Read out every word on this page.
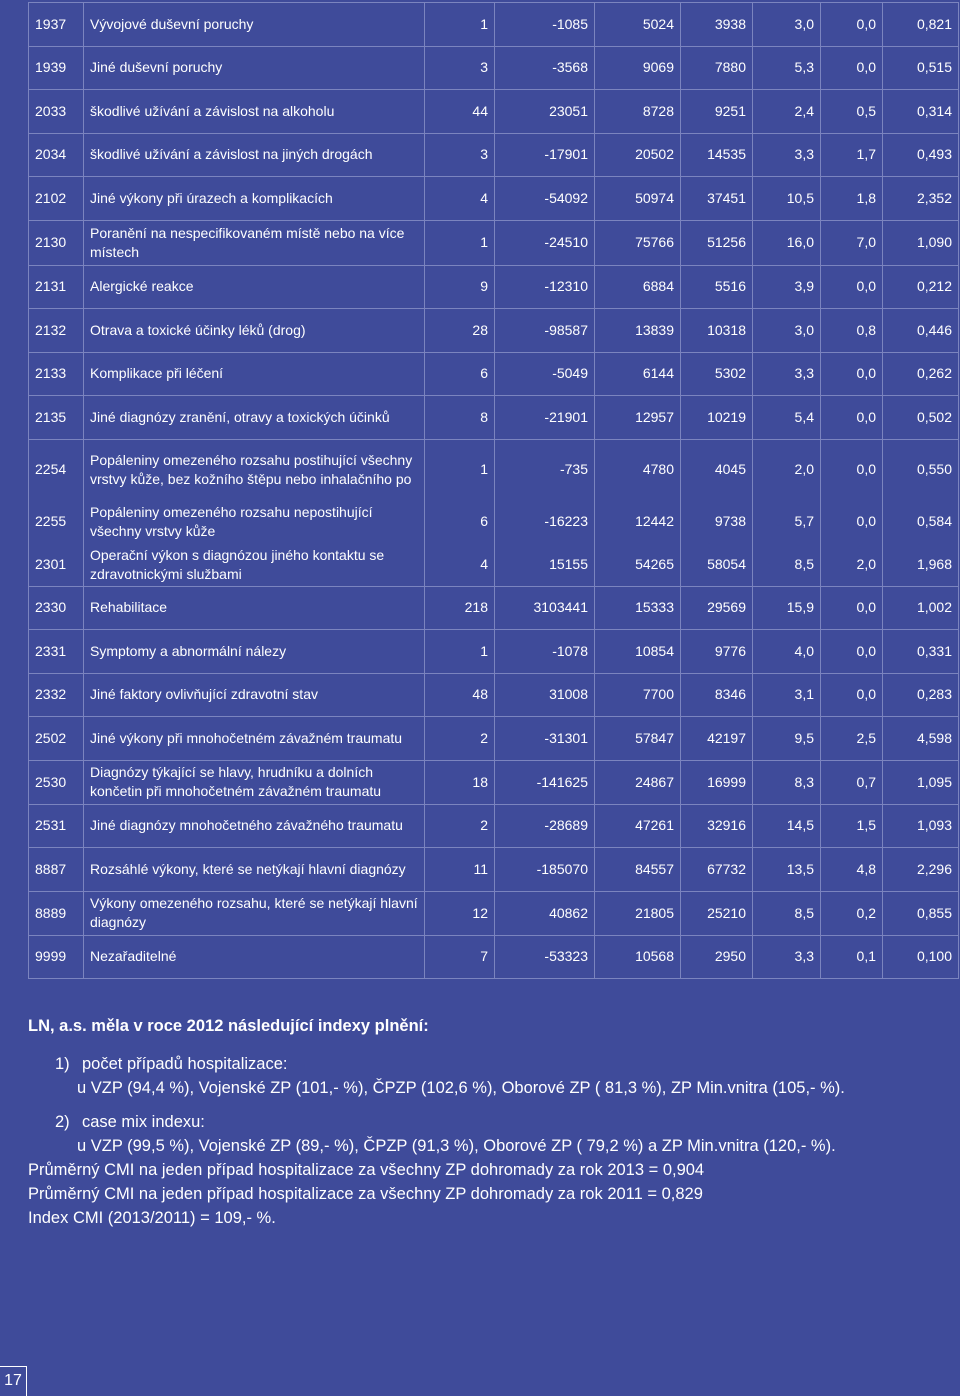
1937	Vývojové duševní poruchy	1	-1085	5024	3938	3,0	0,0	0,821
1939	Jiné duševní poruchy	3	-3568	9069	7880	5,3	0,0	0,515
2033	škodlivé užívání a závislost na alkoholu	44	23051	8728	9251	2,4	0,5	0,314
2034	škodlivé užívání a závislost na jiných drogách	3	-17901	20502	14535	3,3	1,7	0,493
2102	Jiné výkony při úrazech a komplikacích	4	-54092	50974	37451	10,5	1,8	2,352
2130	Poranění na nespecifikovaném místě nebo na více místech	1	-24510	75766	51256	16,0	7,0	1,090
2131	Alergické reakce	9	-12310	6884	5516	3,9	0,0	0,212
2132	Otrava a toxické účinky léků (drog)	28	-98587	13839	10318	3,0	0,8	0,446
2133	Komplikace při léčení	6	-5049	6144	5302	3,3	0,0	0,262
2135	Jiné diagnózy zranění, otravy a toxických účinků	8	-21901	12957	10219	5,4	0,0	0,502
2254	Popáleniny omezeného rozsahu postihující všechny vrstvy kůže, bez kožního štěpu nebo inhalačního po	1	-735	4780	4045	2,0	0,0	0,550
2255	Popáleniny omezeného rozsahu nepostihující všechny vrstvy kůže	6	-16223	12442	9738	5,7	0,0	0,584
2301	Operační výkon s diagnózou jiného kontaktu se zdravotnickými službami	4	15155	54265	58054	8,5	2,0	1,968
2330	Rehabilitace	218	3103441	15333	29569	15,9	0,0	1,002
2331	Symptomy a abnormální nálezy	1	-1078	10854	9776	4,0	0,0	0,331
2332	Jiné faktory ovlivňující zdravotní stav	48	31008	7700	8346	3,1	0,0	0,283
2502	Jiné výkony při mnohočetném závažném traumatu	2	-31301	57847	42197	9,5	2,5	4,598
2530	Diagnózy týkající se hlavy, hrudníku a dolních končetin při mnohočetném závažném traumatu	18	-141625	24867	16999	8,3	0,7	1,095
2531	Jiné diagnózy mnohočetného závažného traumatu	2	-28689	47261	32916	14,5	1,5	1,093
8887	Rozsáhlé výkony, které se netýkají hlavní diagnózy	11	-185070	84557	67732	13,5	4,8	2,296
8889	Výkony omezeného rozsahu, které se netýkají hlavní diagnózy	12	40862	21805	25210	8,5	0,2	0,855
9999	Nezařaditelné	7	-53323	10568	2950	3,3	0,1	0,100
LN, a.s. měla v roce 2012 následující indexy plnění:
1) počet případů hospitalizace:
u VZP (94,4 %), Vojenské ZP (101,- %), ČPZP (102,6 %), Oborové ZP ( 81,3 %), ZP Min.vnitra (105,- %).
2) case mix indexu:
u VZP (99,5 %), Vojenské ZP (89,- %), ČPZP (91,3 %), Oborové ZP ( 79,2 %) a ZP Min.vnitra (120,- %).
Průměrný CMI na jeden případ hospitalizace za všechny ZP dohromady za rok 2013 = 0,904
Průměrný CMI na jeden případ hospitalizace za všechny ZP dohromady za rok 2011 = 0,829
Index CMI (2013/2011) = 109,- %.
17
